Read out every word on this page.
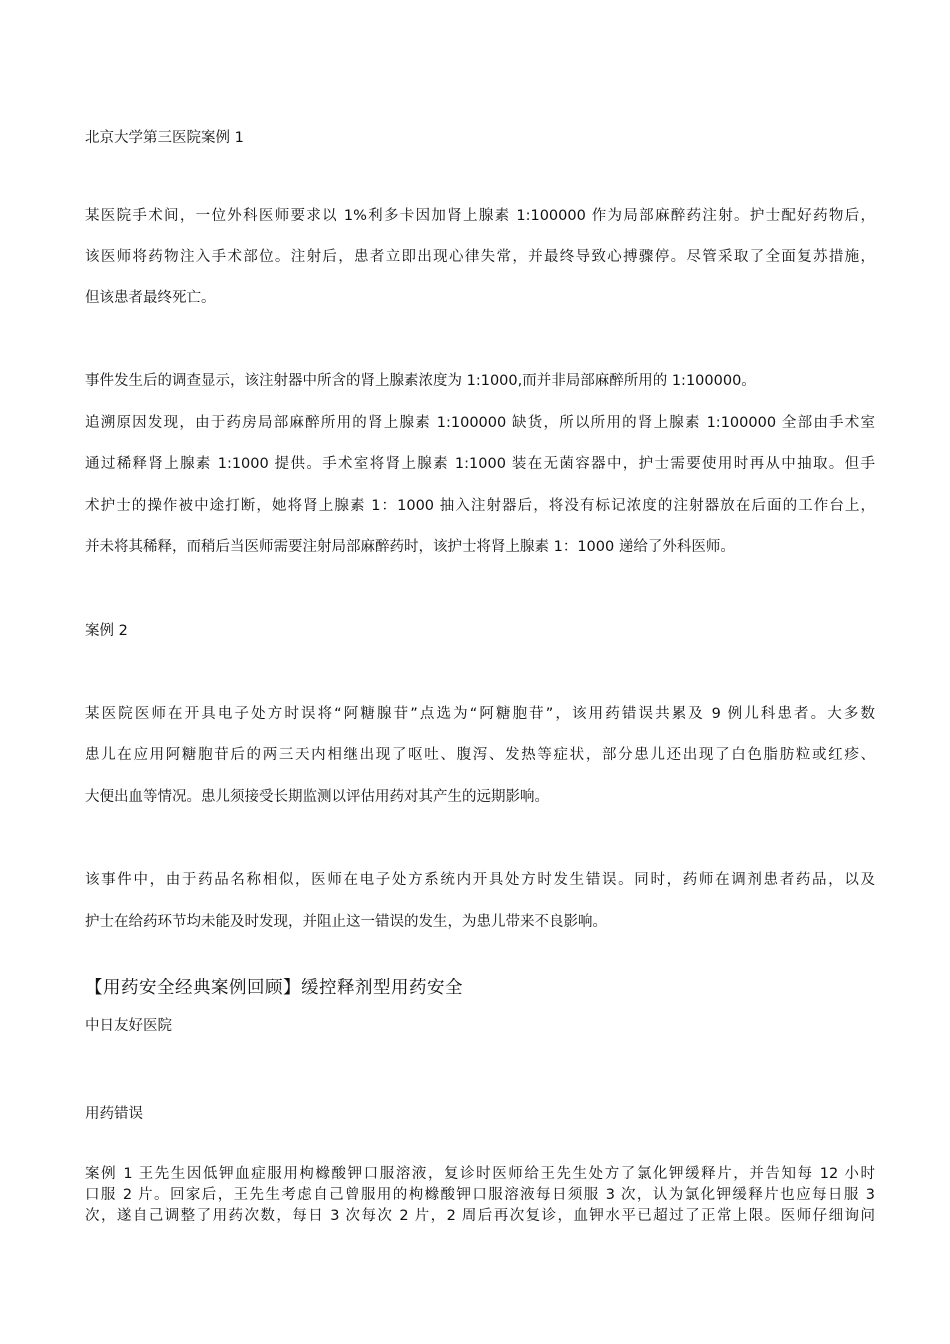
北京大学第三医院案例 1
某医院手术间，一位外科医师要求以 1%利多卡因加肾上腺素 1:100000 作为局部麻醉药注射。护士配好药物后，
该医师将药物注入手术部位。注射后，患者立即出现心律失常，并最终导致心搏骤停。尽管采取了全面复苏措施，
但该患者最终死亡。
事件发生后的调查显示，该注射器中所含的肾上腺素浓度为 1:1000,而并非局部麻醉所用的 1:100000。
追溯原因发现，由于药房局部麻醉所用的肾上腺素 1:100000 缺货，所以所用的肾上腺素 1:100000 全部由手术室
通过稀释肾上腺素 1:1000 提供。手术室将肾上腺素 1:1000 装在无菌容器中，护士需要使用时再从中抽取。但手
术护士的操作被中途打断，她将肾上腺素 1：1000 抽入注射器后，将没有标记浓度的注射器放在后面的工作台上，
并未将其稀释，而稍后当医师需要注射局部麻醉药时，该护士将肾上腺素 1：1000 递给了外科医师。
案例 2
某医院医师在开具电子处方时误将“阿糖腺苷”点选为“阿糖胞苷”，该用药错误共累及 9 例儿科患者。大多数
患儿在应用阿糖胞苷后的两三天内相继出现了呕吐、腹泻、发热等症状，部分患儿还出现了白色脂肪粒或红疹、
大便出血等情况。患儿须接受长期监测以评估用药对其产生的远期影响。
该事件中，由于药品名称相似，医师在电子处方系统内开具处方时发生错误。同时，药师在调剂患者药品，以及
护士在给药环节均未能及时发现，并阻止这一错误的发生，为患儿带来不良影响。
【用药安全经典案例回顾】缓控释剂型用药安全
中日友好医院
用药错误
案例 1 王先生因低钾血症服用枸橼酸钾口服溶液，复诊时医师给王先生处方了氯化钾缓释片，并告知每 12 小时
口服 2 片。回家后，王先生考虑自己曾服用的枸橼酸钾口服溶液每日须服 3 次，认为氯化钾缓释片也应每日服 3
次，遂自己调整了用药次数，每日 3 次每次 2 片，2 周后再次复诊，血钾水平已超过了正常上限。医师仔细询问
